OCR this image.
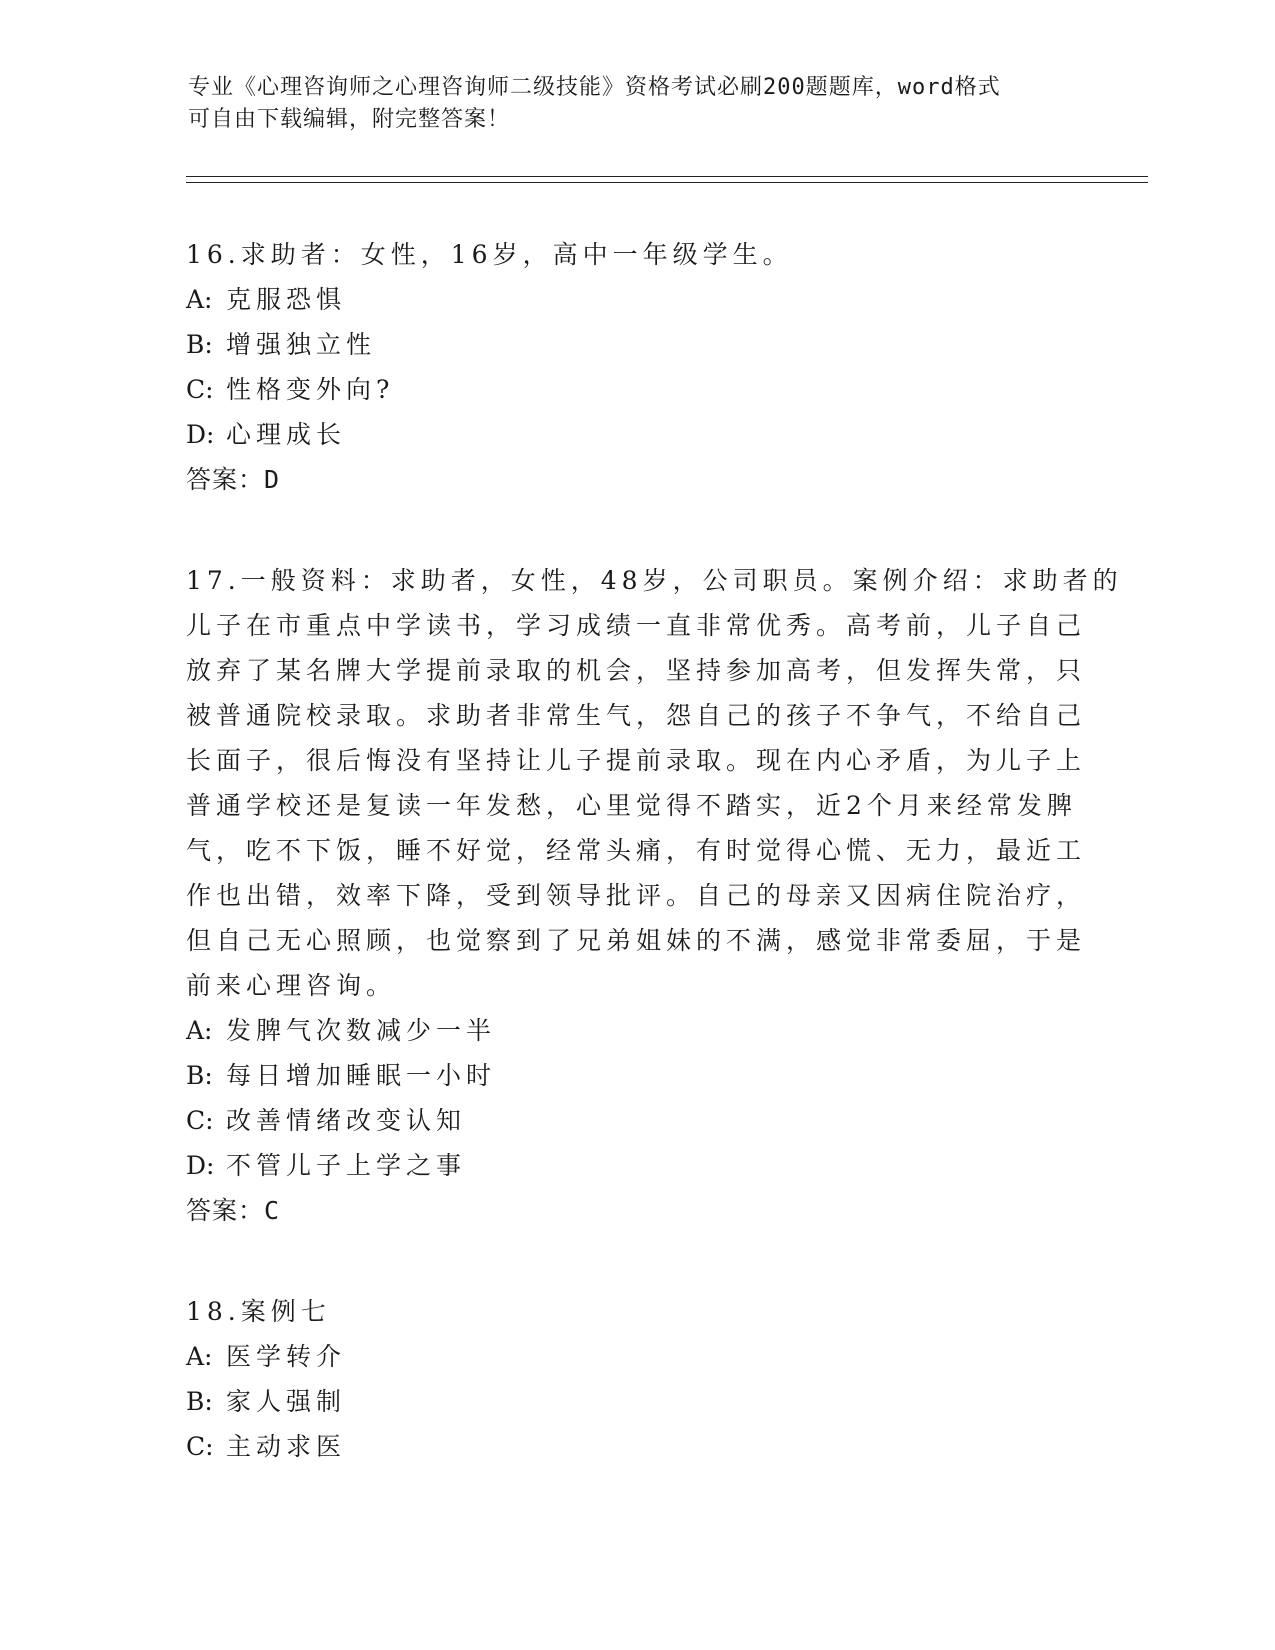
专业《心理咨询师之心理咨询师二级技能》资格考试必刷200题题库，word格式
可自由下载编辑，附完整答案！
16.求助者：女性，16岁，高中一年级学生。
A: 克服恐惧
B: 增强独立性
C: 性格变外向?
D: 心理成长
答案：D
17.一般资料：求助者，女性，48岁，公司职员。案例介绍：求助者的
儿子在市重点中学读书，学习成绩一直非常优秀。高考前，儿子自己
放弃了某名牌大学提前录取的机会，坚持参加高考，但发挥失常，只
被普通院校录取。求助者非常生气，怨自己的孩子不争气，不给自己
长面子，很后悔没有坚持让儿子提前录取。现在内心矛盾，为儿子上
普通学校还是复读一年发愁，心里觉得不踏实，近2个月来经常发脾
气，吃不下饭，睡不好觉，经常头痛，有时觉得心慌、无力，最近工
作也出错，效率下降，受到领导批评。自己的母亲又因病住院治疗，
但自己无心照顾，也觉察到了兄弟姐妹的不满，感觉非常委屈，于是
前来心理咨询。
A: 发脾气次数减少一半
B: 每日增加睡眠一小时
C: 改善情绪改变认知
D: 不管儿子上学之事
答案：C
18.案例七
A: 医学转介
B: 家人强制
C: 主动求医
